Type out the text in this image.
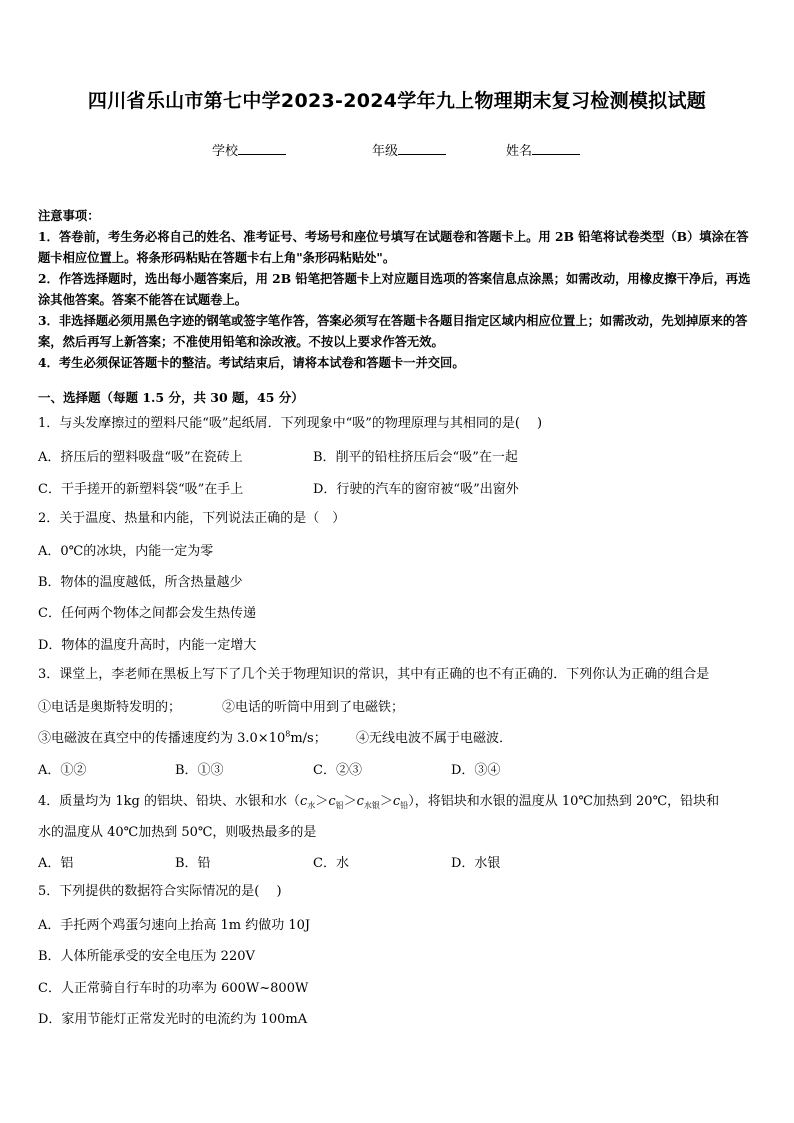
四川省乐山市第七中学2023-2024学年九上物理期末复习检测模拟试题
学校	年级	姓名
注意事项：

1．答卷前，考生务必将自己的姓名、准考证号、考场号和座位号填写在试题卷和答题卡上。用 2B 铅笔将试卷类型（B）填涂在答题卡相应位置上。将条形码粘贴在答题卡右上角"条形码粘贴处"。

2．作答选择题时，选出每小题答案后，用 2B 铅笔把答题卡上对应题目选项的答案信息点涂黑；如需改动，用橡皮擦干净后，再选涂其他答案。答案不能答在试题卷上。

3．非选择题必须用黑色字迹的钢笔或签字笔作答，答案必须写在答题卡各题目指定区域内相应位置上；如需改动，先划掉原来的答案，然后再写上新答案；不准使用铅笔和涂改液。不按以上要求作答无效。

4．考生必须保证答题卡的整洁。考试结束后，请将本试卷和答题卡一并交回。

一、选择题（每题 1.5 分，共 30 题，45 分）
1．与头发摩擦过的塑料尺能“吸”起纸屑．下列现象中“吸”的物理原理与其相同的是(　 )
A．挤压后的塑料吸盘“吸”在瓷砖上	B．削平的铅柱挤压后会“吸”在一起
C．干手搓开的新塑料袋“吸”在手上	D．行驶的汽车的窗帘被“吸”出窗外
2．关于温度、热量和内能，下列说法正确的是（　）
A．0℃的冰块，内能一定为零
B．物体的温度越低，所含热量越少
C．任何两个物体之间都会发生热传递
D．物体的温度升高时，内能一定增大
3．课堂上，李老师在黑板上写下了几个关于物理知识的常识，其中有正确的也不有正确的．下列你认为正确的组合是
①电话是奥斯特发明的；	②电话的听筒中用到了电磁铁；
③电磁波在真空中的传播速度约为 $3.0\times 10^8m/s$； ④无线电波不属于电磁波．
A．①②	B．①③	C．②③	D．③④
4．质量均为 1kg 的铝块、铅块、水银和水$(c_水>c_铝>c_{水银}>c_铅)$，将铝块和水银的温度从 10℃加热到 20℃，铅块和
水的温度从 40℃加热到 50℃，则吸热最多的是
A．铝	B．铅	C．水	D．水银
5．下列提供的数据符合实际情况的是(　 )
A．手托两个鸡蛋匀速向上抬高 1m 约做功 10J
B．人体所能承受的安全电压为 220V
C．人正常骑自行车时的功率为 600W~800W
D．家用节能灯正常发光时的电流约为 100mA
